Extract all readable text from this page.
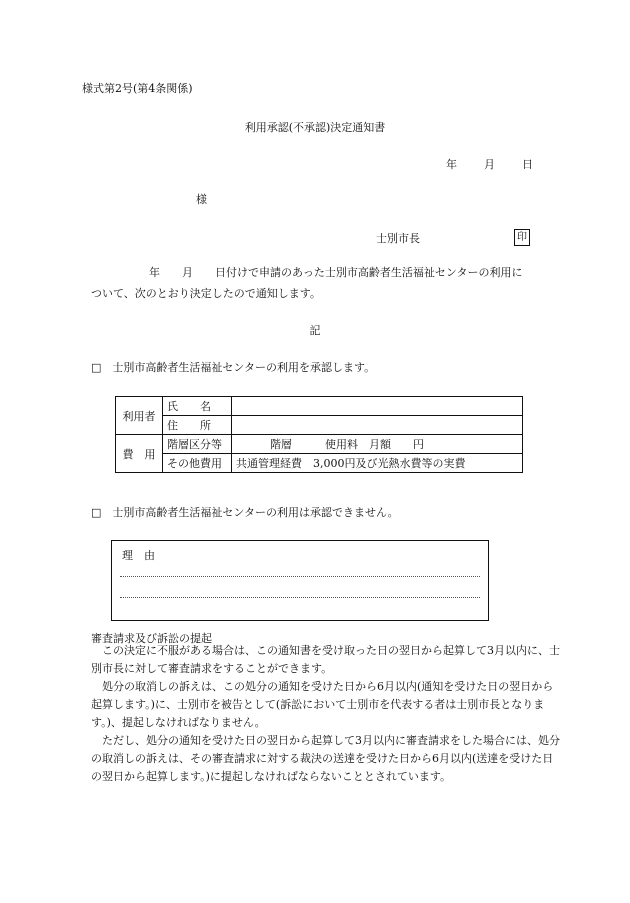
様式第2号(第4条関係)
利用承認(不承認)決定通知書
年 月 日
様
士別市長	印
年　　月　　日付けで申請のあった士別市高齢者生活福祉センターの利用に
ついて、次のとおり決定したので通知します。
記
□　士別市高齢者生活福祉センターの利用を承認します。
利用者	氏　　名	
	住　　所	
費　用	階層区分等	階層　　　使用料　月額　　円
	その他費用	共通管理経費　3,000円及び光熱水費等の実費
□　士別市高齢者生活福祉センターの利用は承認できません。
理　由
審査請求及び訴訟の提起

この決定に不服がある場合は、この通知書を受け取った日の翌日から起算して3月以内に、士別市長に対して審査請求をすることができます。

処分の取消しの訴えは、この処分の通知を受けた日から6月以内(通知を受けた日の翌日から起算します。)に、士別市を被告として(訴訟において士別市を代表する者は士別市長となります。)、提起しなければなりません。

ただし、処分の通知を受けた日の翌日から起算して3月以内に審査請求をした場合には、処分の取消しの訴えは、その審査請求に対する裁決の送達を受けた日から6月以内(送達を受けた日の翌日から起算します。)に提起しなければならないこととされています。
